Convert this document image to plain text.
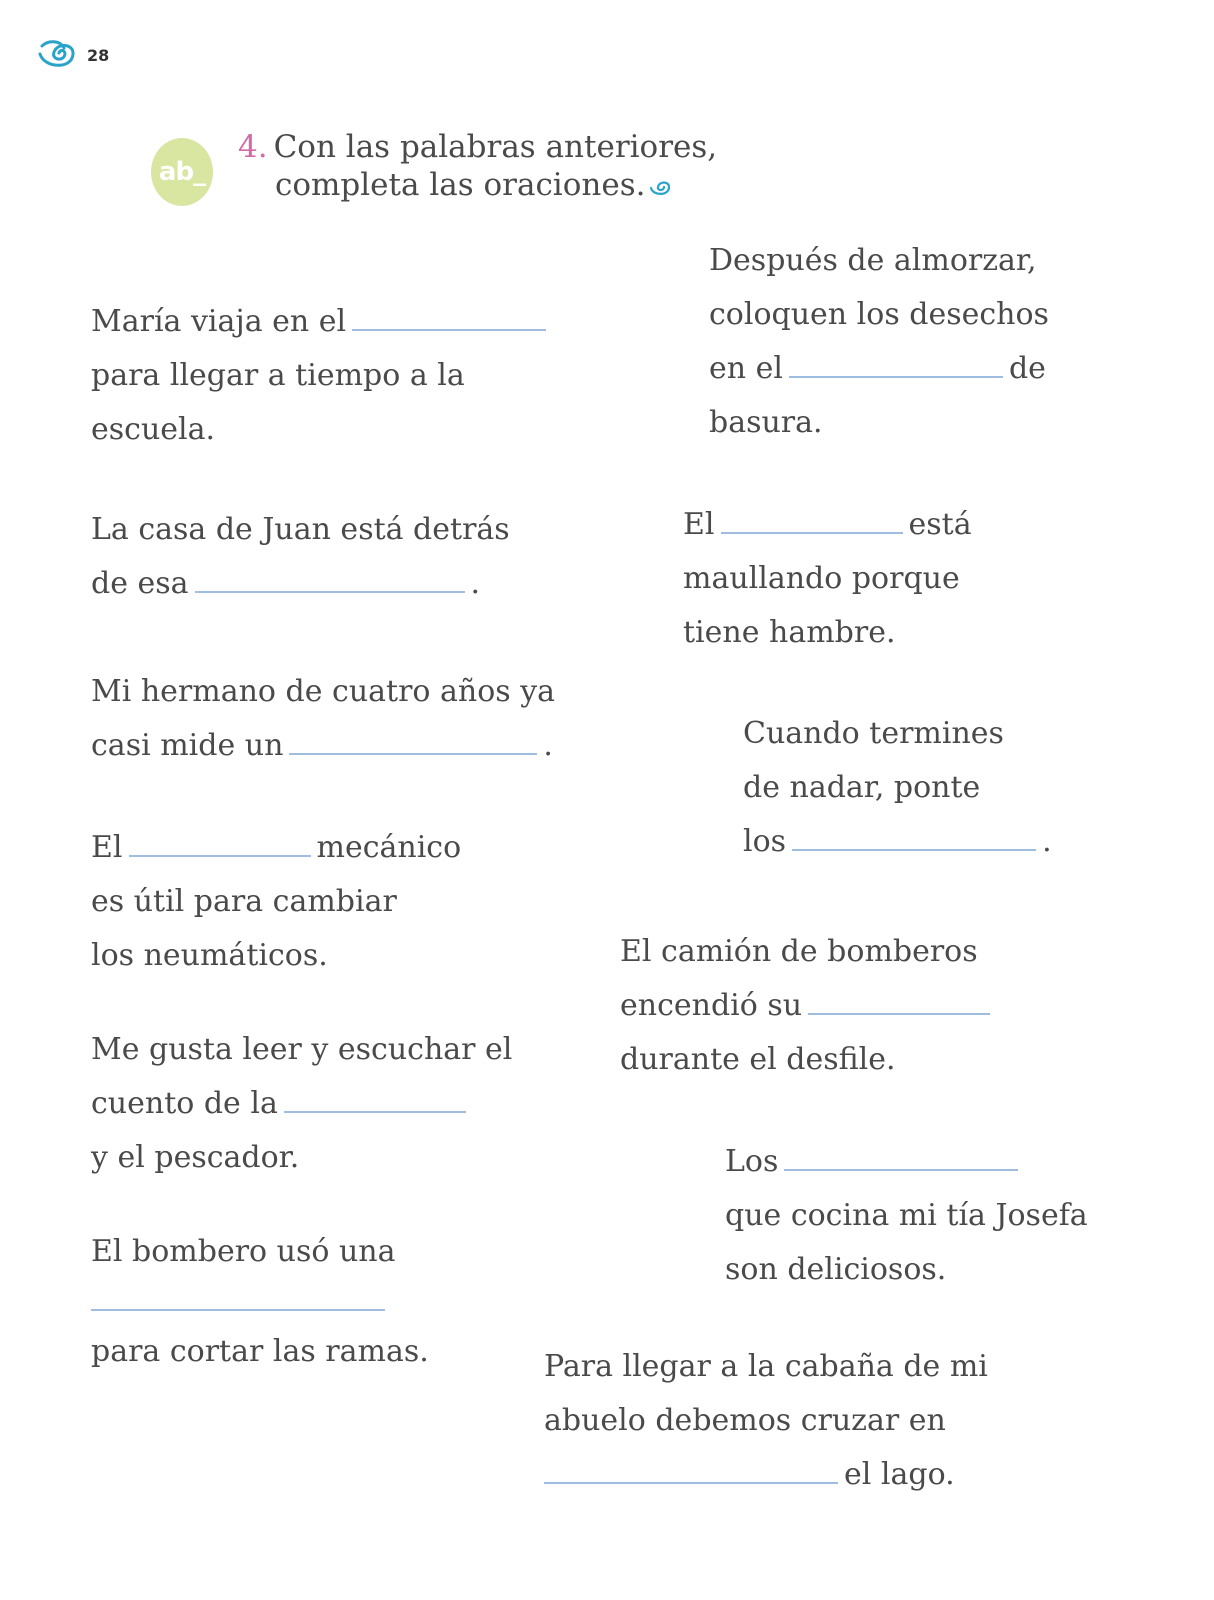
28
ab_
4. Con las palabras anteriores,
completa las oraciones.
María viaja en el
para llegar a tiempo a la
escuela.
La casa de Juan está detrás
de esa	.
Mi hermano de cuatro años ya
casi mide un	.
El	mecánico
es útil para cambiar
los neumáticos.
Me gusta leer y escuchar el
cuento de la
y el pescador.
El bombero usó una
para cortar las ramas.
Después de almorzar,
coloquen los desechos
en el	de
basura.
El	está
maullando porque
tiene hambre.
Cuando termines
de nadar, ponte
los	.
El camión de bomberos
encendió su
durante el desfile.
Los
que cocina mi tía Josefa
son deliciosos.
Para llegar a la cabaña de mi
abuelo debemos cruzar en
el lago.
